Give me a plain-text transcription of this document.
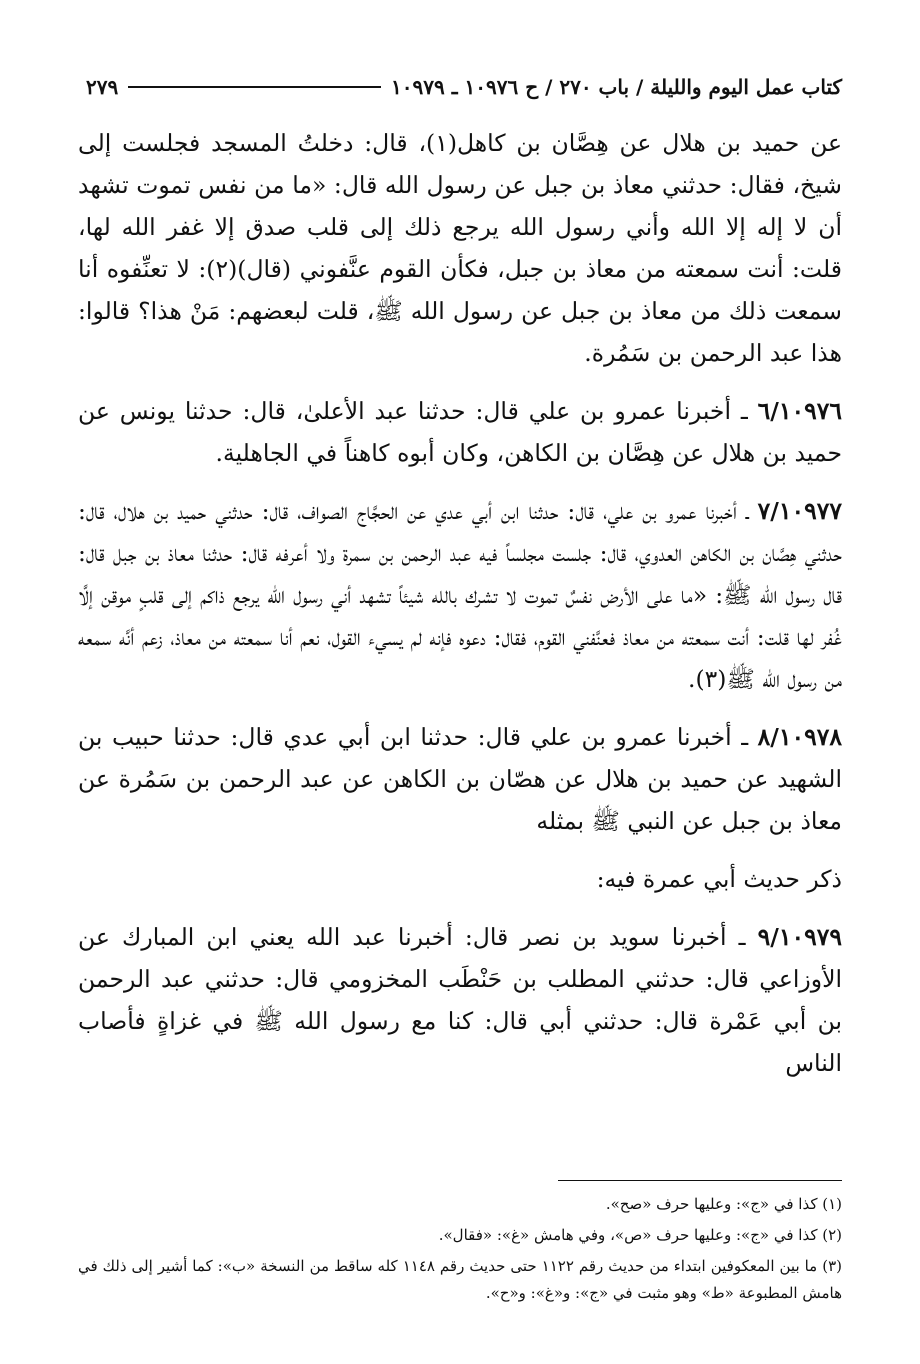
كتاب عمل اليوم والليلة / باب ٢٧٠ / ح ١٠٩٧٦ ـ ١٠٩٧٩
٢٧٩

عن حميد بن هلال عن هِصَّان بن كاهل(١)، قال: دخلتُ المسجد فجلست إلى شيخ، فقال: حدثني معاذ بن جبل عن رسول الله قال: «ما من نفس تموت تشهد أن لا إله إلا الله وأني رسول الله يرجع ذلك إلى قلب صدق إلا غفر الله لها، قلت: أنت سمعته من معاذ بن جبل، فكأن القوم عنَّفوني (قال)(٢): لا تعنِّفوه أنا سمعت ذلك من معاذ بن جبل عن رسول الله ﷺ، قلت لبعضهم: مَنْ هذا؟ قالوا: هذا عبد الرحمن بن سَمُرة.

٦/١٠٩٧٦ ـ أخبرنا عمرو بن علي قال: حدثنا عبد الأعلىٰ، قال: حدثنا يونس عن حميد بن هلال عن هِصَّان بن الكاهن، وكان أبوه كاهناً في الجاهلية.

٧/١٠٩٧٧ ـ أخبرنا عمرو بن علي، قال: حدثنا ابن أبي عدي عن الحجَّاج الصواف، قال: حدثني حميد بن هلال، قال: حدثني هِصَّان بن الكاهن العدوي، قال: جلست مجلساً فيه عبد الرحمن بن سمرة ولا أعرفه قال: حدثنا معاذ بن جبل قال: قال رسول الله ﷺ: «ما على الأرض نفسٌ تموت لا تشرك بالله شيئاً تشهد أني رسول الله يرجع ذاكم إلى قلبٍ موقن إلَّا غُفر لها قلت: أنت سمعته من معاذ فعنَّفني القوم، فقال: دعوه فإنه لم يسيء القول، نعم أنا سمعته من معاذ، زعم أنَّه سمعه من رسول الله ﷺ(٣).

٨/١٠٩٧٨ ـ أخبرنا عمرو بن علي قال: حدثنا ابن أبي عدي قال: حدثنا حبيب بن الشهيد عن حميد بن هلال عن هصّان بن الكاهن عن عبد الرحمن بن سَمُرة عن معاذ بن جبل عن النبي ﷺ بمثله

ذكر حديث أبي عمرة فيه:

٩/١٠٩٧٩ ـ أخبرنا سويد بن نصر قال: أخبرنا عبد الله يعني ابن المبارك عن الأوزاعي قال: حدثني المطلب بن حَنْطَب المخزومي قال: حدثني عبد الرحمن بن أبي عَمْرة قال: حدثني أبي قال: كنا مع رسول الله ﷺ في غزاةٍ فأصاب الناس

(١) كذا في «ج»: وعليها حرف «صح».

(٢) كذا في «ج»: وعليها حرف «ص»، وفي هامش «غ»: «فقال».

(٣) ما بين المعكوفين ابتداء من حديث رقم ١١٢٢ حتى حديث رقم ١١٤٨ كله ساقط من النسخة «ب»: كما أشير إلى ذلك في هامش المطبوعة «ط» وهو مثبت في «ج»: و«غ»: و«ح».
